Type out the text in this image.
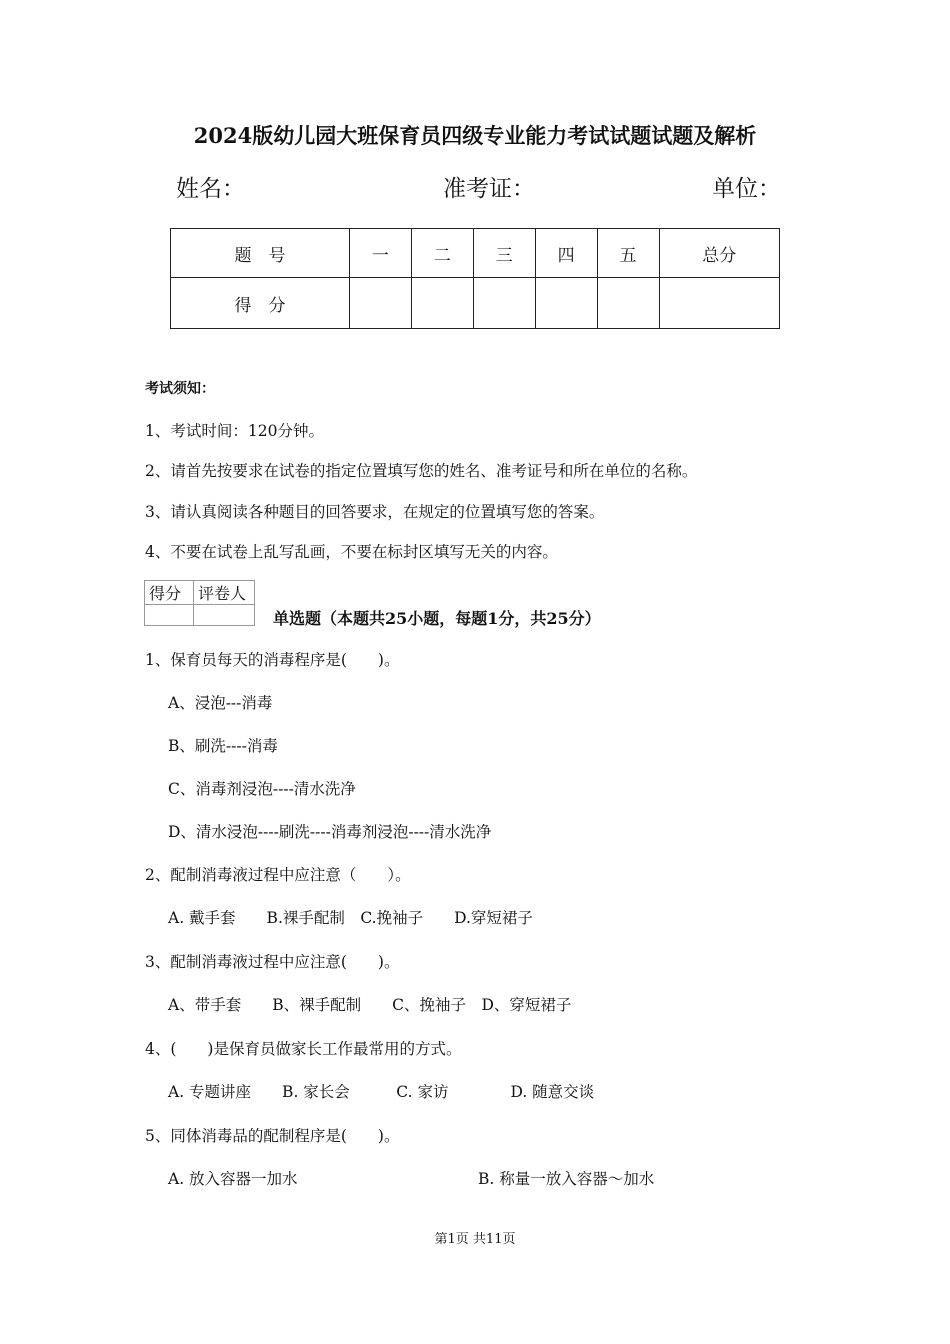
2024版幼儿园大班保育员四级专业能力考试试题试题及解析
姓名：	准考证：	单位：
题　号	一	二	三	四	五	总分
得　分						
考试须知：
1、考试时间：120分钟。
2、请首先按要求在试卷的指定位置填写您的姓名、准考证号和所在单位的名称。
3、请认真阅读各种题目的回答要求，在规定的位置填写您的答案。
4、不要在试卷上乱写乱画，不要在标封区填写无关的内容。
得分	评卷人

单选题（本题共25小题，每题1分，共25分）
1、保育员每天的消毒程序是(　　)。
A、浸泡---消毒
B、刷洗----消毒
C、消毒剂浸泡----清水洗净
D、清水浸泡----刷洗----消毒剂浸泡----清水洗净
2、配制消毒液过程中应注意（　　）。
A. 戴手套　　B.裸手配制　C.挽袖子　　D.穿短裙子
3、配制消毒液过程中应注意(　　)。
A、带手套　　B、裸手配制　　C、挽袖子　D、穿短裙子
4、(　　)是保育员做家长工作最常用的方式。
A. 专题讲座　　B. 家长会　　　C. 家访　　　　D. 随意交谈
5、同体消毒品的配制程序是(　　)。
A. 放入容器一加水	B. 称量一放入容器～加水
第1页 共11页
